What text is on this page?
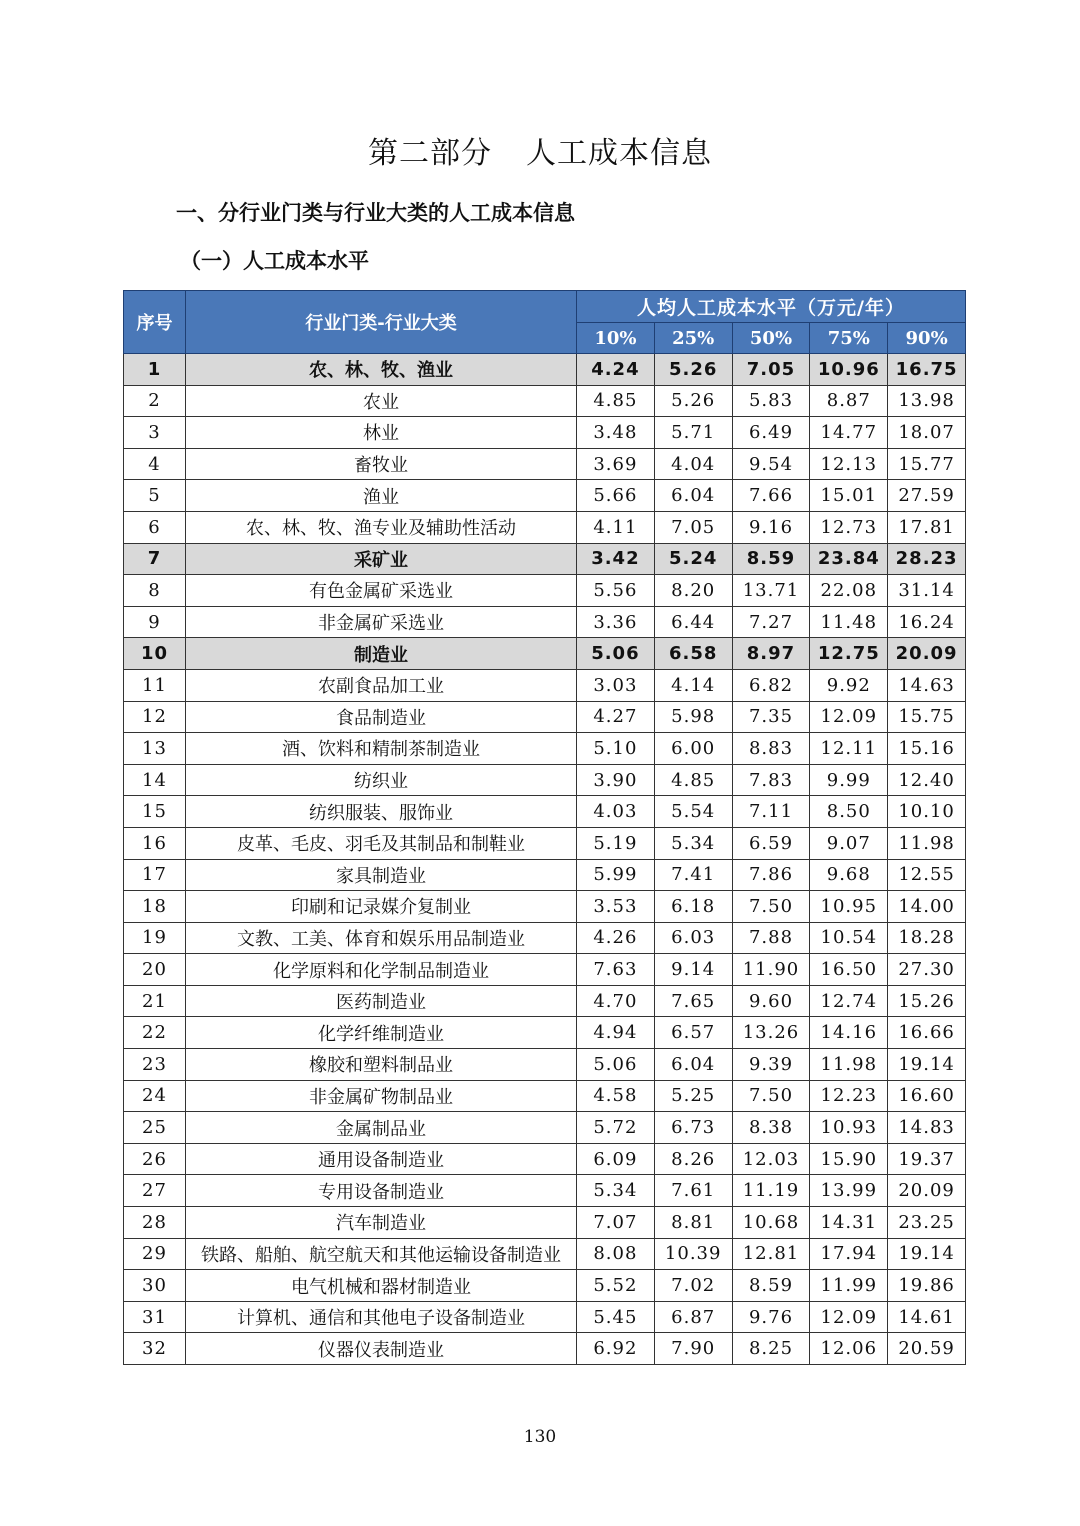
第二部分 人工成本信息
一、分行业门类与行业大类的人工成本信息
（一）人工成本水平
序号	行业门类-行业大类	人均人工成本水平（万元/年）				
		10%	25%	50%	75%	90%
1	农、林、牧、渔业	4.24	5.26	7.05	10.96	16.75
2	农业	4.85	5.26	5.83	8.87	13.98
3	林业	3.48	5.71	6.49	14.77	18.07
4	畜牧业	3.69	4.04	9.54	12.13	15.77
5	渔业	5.66	6.04	7.66	15.01	27.59
6	农、林、牧、渔专业及辅助性活动	4.11	7.05	9.16	12.73	17.81
7	采矿业	3.42	5.24	8.59	23.84	28.23
8	有色金属矿采选业	5.56	8.20	13.71	22.08	31.14
9	非金属矿采选业	3.36	6.44	7.27	11.48	16.24
10	制造业	5.06	6.58	8.97	12.75	20.09
11	农副食品加工业	3.03	4.14	6.82	9.92	14.63
12	食品制造业	4.27	5.98	7.35	12.09	15.75
13	酒、饮料和精制茶制造业	5.10	6.00	8.83	12.11	15.16
14	纺织业	3.90	4.85	7.83	9.99	12.40
15	纺织服装、服饰业	4.03	5.54	7.11	8.50	10.10
16	皮革、毛皮、羽毛及其制品和制鞋业	5.19	5.34	6.59	9.07	11.98
17	家具制造业	5.99	7.41	7.86	9.68	12.55
18	印刷和记录媒介复制业	3.53	6.18	7.50	10.95	14.00
19	文教、工美、体育和娱乐用品制造业	4.26	6.03	7.88	10.54	18.28
20	化学原料和化学制品制造业	7.63	9.14	11.90	16.50	27.30
21	医药制造业	4.70	7.65	9.60	12.74	15.26
22	化学纤维制造业	4.94	6.57	13.26	14.16	16.66
23	橡胶和塑料制品业	5.06	6.04	9.39	11.98	19.14
24	非金属矿物制品业	4.58	5.25	7.50	12.23	16.60
25	金属制品业	5.72	6.73	8.38	10.93	14.83
26	通用设备制造业	6.09	8.26	12.03	15.90	19.37
27	专用设备制造业	5.34	7.61	11.19	13.99	20.09
28	汽车制造业	7.07	8.81	10.68	14.31	23.25
29	铁路、船舶、航空航天和其他运输设备制造业	8.08	10.39	12.81	17.94	19.14
30	电气机械和器材制造业	5.52	7.02	8.59	11.99	19.86
31	计算机、通信和其他电子设备制造业	5.45	6.87	9.76	12.09	14.61
32	仪器仪表制造业	6.92	7.90	8.25	12.06	20.59
130
